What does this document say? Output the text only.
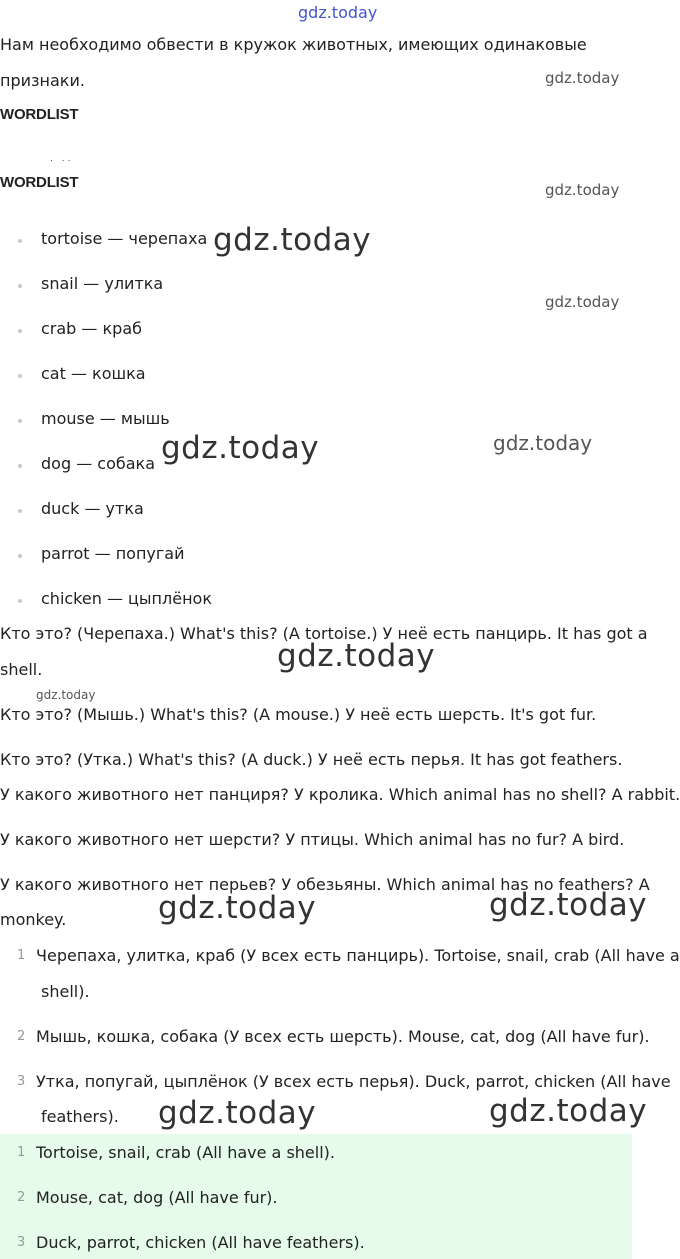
gdz.today
Нам необходимо обвести в кружок животных, имеющих одинаковые
признаки.	gdz.today
WORDLIST
. ..
WORDLIST	gdz.today
tortoise — черепаха
snail — улитка
crab — краб
cat — кошка
mouse — мышь
dog — собака
duck — утка
parrot — попугай
chicken — цыплёнок
gdz.today
gdz.today
gdz.today	gdz.today
Кто это? (Черепаха.) What's this? (A tortoise.) У неё есть панцирь. It has got a
shell.	gdz.today
gdz.today
Кто это? (Мышь.) What's this? (A mouse.) У неё есть шерсть. It's got fur.
Кто это? (Утка.) What's this? (A duck.) У неё есть перья. It has got feathers.
У какого животного нет панциря? У кролика. Which animal has no shell? A rabbit.
У какого животного нет шерсти? У птицы. Which animal has no fur? A bird.
У какого животного нет перьев? У обезьяны. Which animal has no feathers? A
monkey.	gdz.today	gdz.today
1 Черепаха, улитка, краб (У всех есть панцирь). Tortoise, snail, crab (All have a
shell).
2 Мышь, кошка, собака (У всех есть шерсть). Mouse, cat, dog (All have fur).
3 Утка, попугай, цыплёнок (У всех есть перья). Duck, parrot, chicken (All have
feathers). gdz.today	gdz.today
1 Tortoise, snail, crab (All have a shell).
2 Mouse, cat, dog (All have fur).
3 Duck, parrot, chicken (All have feathers).
